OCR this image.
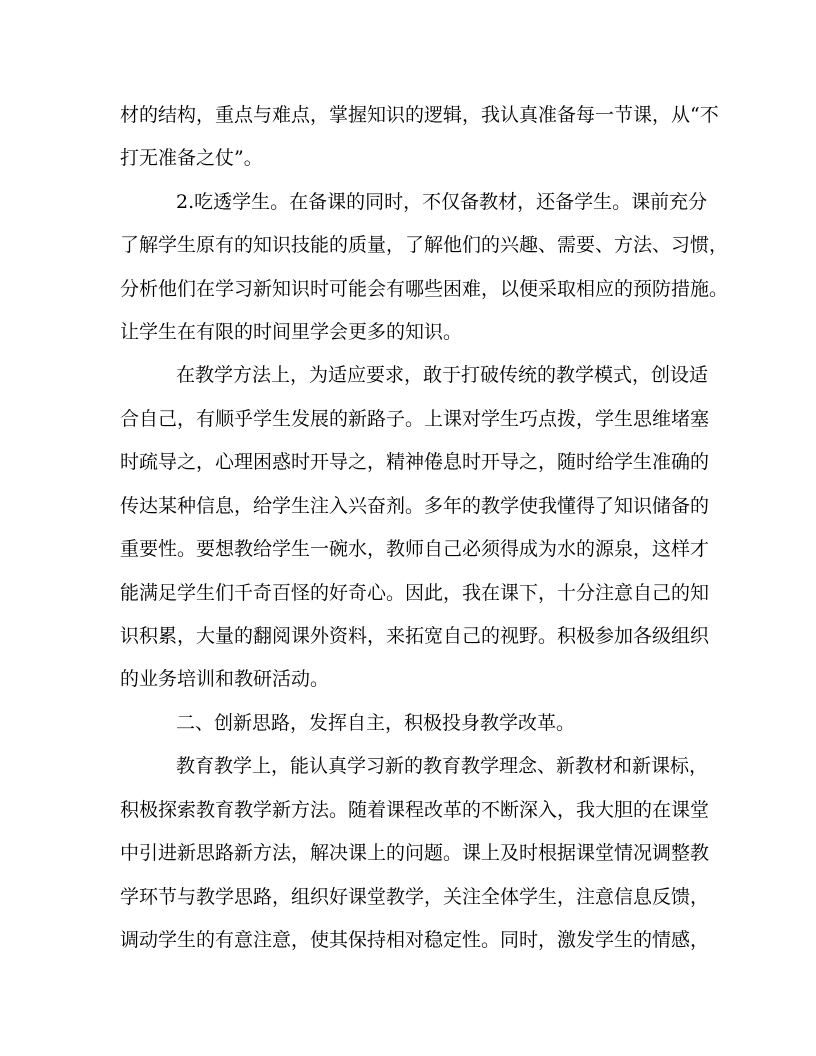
材的结构，重点与难点，掌握知识的逻辑，我认真准备每一节课，从“不
打无准备之仗”。
2.吃透学生。在备课的同时，不仅备教材，还备学生。课前充分
了解学生原有的知识技能的质量，了解他们的兴趣、需要、方法、习惯，
分析他们在学习新知识时可能会有哪些困难，以便采取相应的预防措施。
让学生在有限的时间里学会更多的知识。
在教学方法上，为适应要求，敢于打破传统的教学模式，创设适
合自己，有顺乎学生发展的新路子。上课对学生巧点拨，学生思维堵塞
时疏导之，心理困惑时开导之，精神倦息时开导之，随时给学生准确的
传达某种信息，给学生注入兴奋剂。多年的教学使我懂得了知识储备的
重要性。要想教给学生一碗水，教师自己必须得成为水的源泉，这样才
能满足学生们千奇百怪的好奇心。因此，我在课下，十分注意自己的知
识积累，大量的翻阅课外资料，来拓宽自己的视野。积极参加各级组织
的业务培训和教研活动。
二、创新思路，发挥自主，积极投身教学改革。
教育教学上，能认真学习新的教育教学理念、新教材和新课标，
积极探索教育教学新方法。随着课程改革的不断深入，我大胆的在课堂
中引进新思路新方法，解决课上的问题。课上及时根据课堂情况调整教
学环节与教学思路，组织好课堂教学，关注全体学生，注意信息反馈，
调动学生的有意注意，使其保持相对稳定性。同时，激发学生的情感，
